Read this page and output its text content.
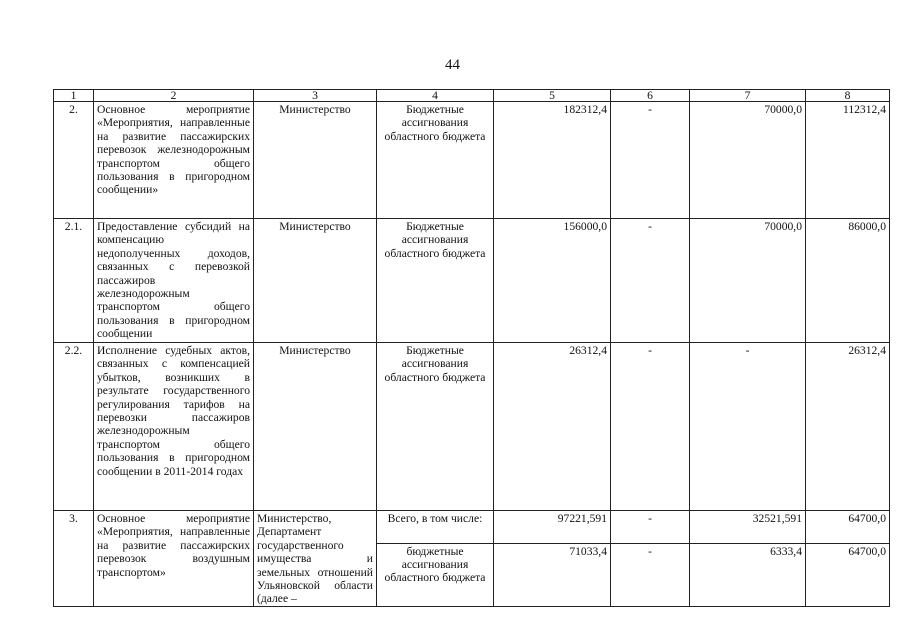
44
1	2	3	4	5	6	7	8
2.	Основное мероприятие «Мероприятия, направленные на развитие пассажирских перевозок железнодорожным транспортом общего пользования в пригородном сообщении»	Министерство	Бюджетные ассигнования областного бюджета	182312,4	-	70000,0	112312,4
2.1.	Предоставление субсидий на компенсацию недополученных доходов, связанных с перевозкой пассажиров железнодорожным транспортом общего пользования в пригородном сообщении	Министерство	Бюджетные ассигнования областного бюджета	156000,0	-	70000,0	86000,0
2.2.	Исполнение судебных актов, связанных с компенсацией убытков, возникших в результате государственного регулирования тарифов на перевозки пассажиров железнодорожным транспортом общего пользования в пригородном сообщении в 2011-2014 годах	Министерство	Бюджетные ассигнования областного бюджета	26312,4	-	-	26312,4
3.	Основное мероприятие «Мероприятия, направленные на развитие пассажирских перевозок воздушным транспортом»	Министерство, Департамент государственного имущества и земельных отношений Ульяновской области (далее –	Всего, в том числе:	97221,591	-	32521,591	64700,0
			бюджетные ассигнования областного бюджета	71033,4	-	6333,4	64700,0
